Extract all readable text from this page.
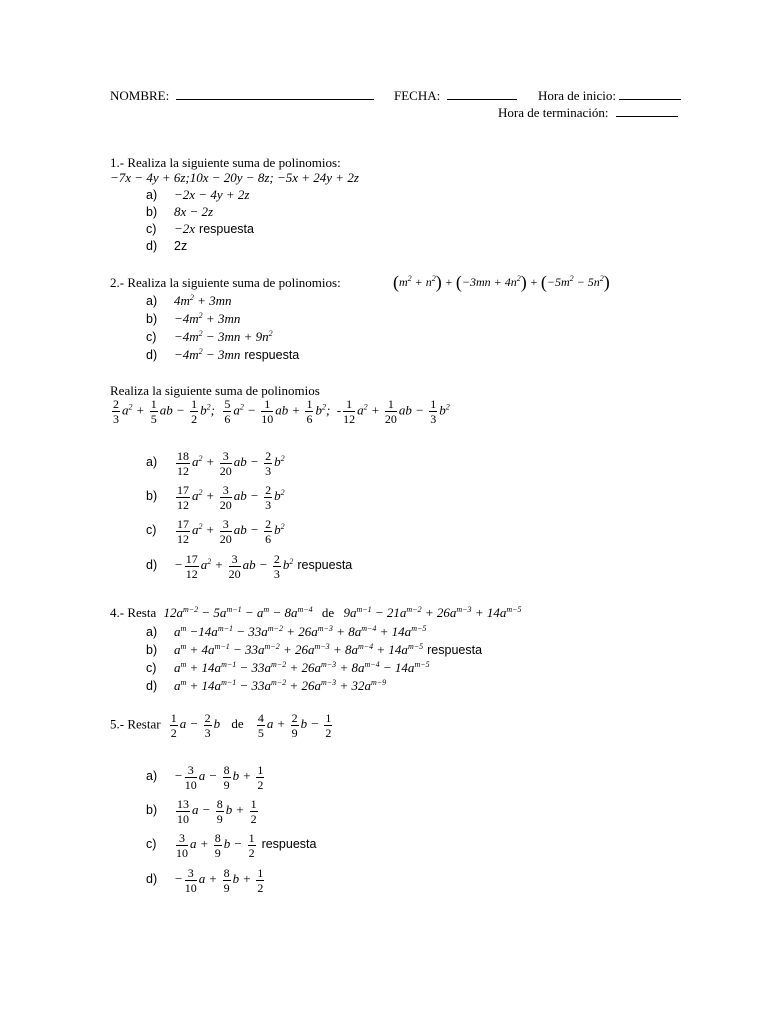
NOMBRE:	FECHA:	Hora de inicio:
Hora de terminación:
1.- Realiza la siguiente suma de polinomios:
−7x − 4y + 6z;10x − 20y − 8z; −5x + 24y + 2z
a) −2x − 4y + 2z
b) 8x − 2z
c) −2x respuesta
d) 2z
2.- Realiza la siguiente suma de polinomios:	$(m^2 + n^2) + (-3mn + 4n^2) + (-5m^2 - 5n^2)$
a) $4m^2 + 3mn$
$b) -4m^2 + 3mn$
$c) -4m^2 - 3mn + 9n^2$
$d) -4m^2 - 3mn$ respuesta
Realiza la siguiente suma de polinomios
$\frac{2}{3} a^2 + \frac{1}{5}$ ab − $\frac{1}{2} b^2$; $\frac{5}{6} a^2 - \frac{1}{10}$ ab + $\frac{1}{6} b^2$;  - $\frac{1}{12} a^2 + \frac{1}{20}$ ab − $\frac{1}{3} b^2$
$a) \frac{18}{12} a^2 + \frac{3}{20}$ ab − $\frac{2}{3} b^2$
$b) \frac{17}{12} a^2 + \frac{3}{20}$ ab − $\frac{2}{3} b^2$
$c) \frac{17}{12} a^2 + \frac{3}{20}$ ab − $\frac{2}{6} b^2$
$d) - \frac{17}{12} a^2 + \frac{3}{20}$ ab − $\frac{2}{3} b^2$ respuesta
4.- Resta $12a^{m-2} - 5a^{m-1} - a^m - 8a^{m-4}$ de $9a^{m-1} - 21a^{m-2} + 26a^{m-3} + 14a^{m-5}$
a) $a^m -14a^{m-1} - 33a^{m-2} + 26a^{m-3} + 8a^{m-4} + 14a^{m-5}$
b) $a^m + 4a^{m-1} - 33a^{m-2} + 26a^{m-3} + 8a^{m-4} + 14a^{m-5}$ respuesta
c) $a^m + 14a^{m-1} - 33a^{m-2} + 26a^{m-3} + 8a^{m-4} - 14a^{m-5}$
d) $a^m + 14a^{m-1} - 33a^{m-2} + 26a^{m-3} + 32a^{m-9}$
5.- Restar $\frac{1}{2}$ $a - \frac{2}{3}$ b de $\frac{4}{5}$ $a + \frac{2}{9}$ $b - \frac{1}{2}$
$a) - \frac{3}{10}$ $a - \frac{8}{9}$ $b + \frac{1}{2}$
$b) \frac{13}{10}$ $a - \frac{8}{9}$ $b + \frac{1}{2}$
$c) \frac{3}{10}$ $a + \frac{8}{9}$ $b - \frac{1}{2}$ respuesta
$d) - \frac{3}{10}$ $a + \frac{8}{9}$ $b + \frac{1}{2}$
